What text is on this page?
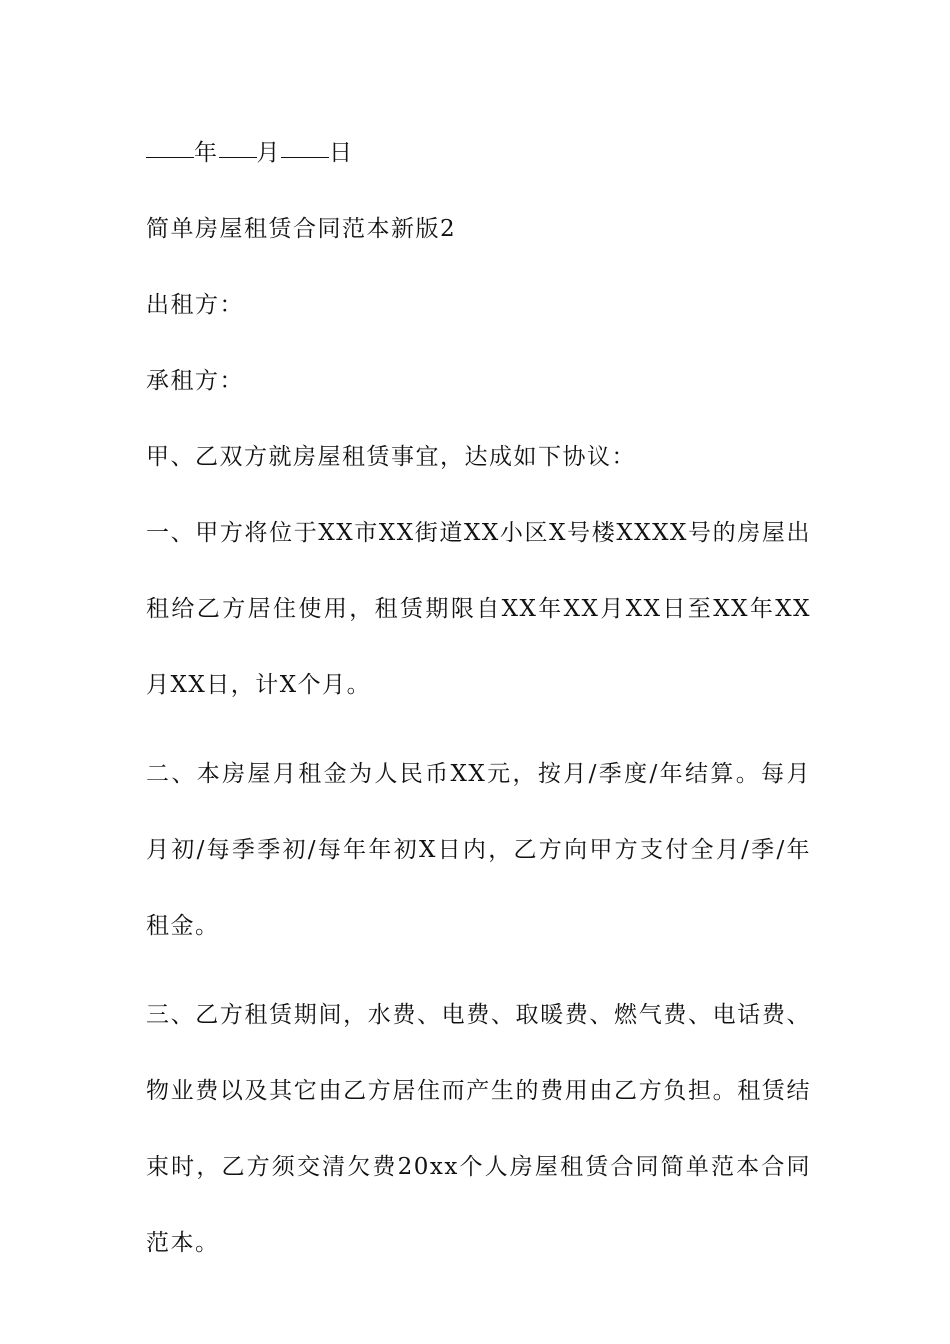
年 月 日

简单房屋租赁合同范本新版2

出租方：

承租方：

甲、乙双方就房屋租赁事宜，达成如下协议：

一、甲方将位于XX市XX街道XX小区X号楼XXXX号的房屋出租给乙方居住使用，租赁期限自XX年XX月XX日至XX年XX月XX日，计X个月。

二、本房屋月租金为人民币XX元，按月/季度/年结算。每月月初/每季季初/每年年初X日内，乙方向甲方支付全月/季/年租金。

三、乙方租赁期间，水费、电费、取暖费、燃气费、电话费、物业费以及其它由乙方居住而产生的费用由乙方负担。租赁结束时，乙方须交清欠费20xx个人房屋租赁合同简单范本合同范本。
